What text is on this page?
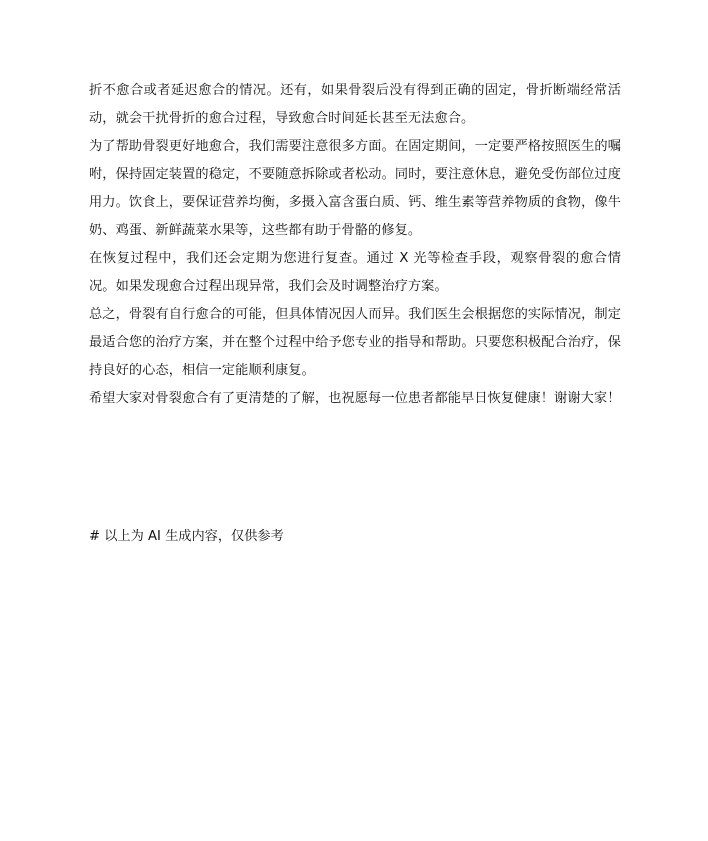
折不愈合或者延迟愈合的情况。还有，如果骨裂后没有得到正确的固定，骨折断端经常活动，就会干扰骨折的愈合过程，导致愈合时间延长甚至无法愈合。

为了帮助骨裂更好地愈合，我们需要注意很多方面。在固定期间，一定要严格按照医生的嘱咐，保持固定装置的稳定，不要随意拆除或者松动。同时，要注意休息，避免受伤部位过度用力。饮食上，要保证营养均衡，多摄入富含蛋白质、钙、维生素等营养物质的食物，像牛奶、鸡蛋、新鲜蔬菜水果等，这些都有助于骨骼的修复。

在恢复过程中，我们还会定期为您进行复查。通过 X 光等检查手段，观察骨裂的愈合情况。如果发现愈合过程出现异常，我们会及时调整治疗方案。

总之，骨裂有自行愈合的可能，但具体情况因人而异。我们医生会根据您的实际情况，制定最适合您的治疗方案，并在整个过程中给予您专业的指导和帮助。只要您积极配合治疗，保持良好的心态，相信一定能顺利康复。

希望大家对骨裂愈合有了更清楚的了解，也祝愿每一位患者都能早日恢复健康！谢谢大家！

# 以上为 AI 生成内容，仅供参考
